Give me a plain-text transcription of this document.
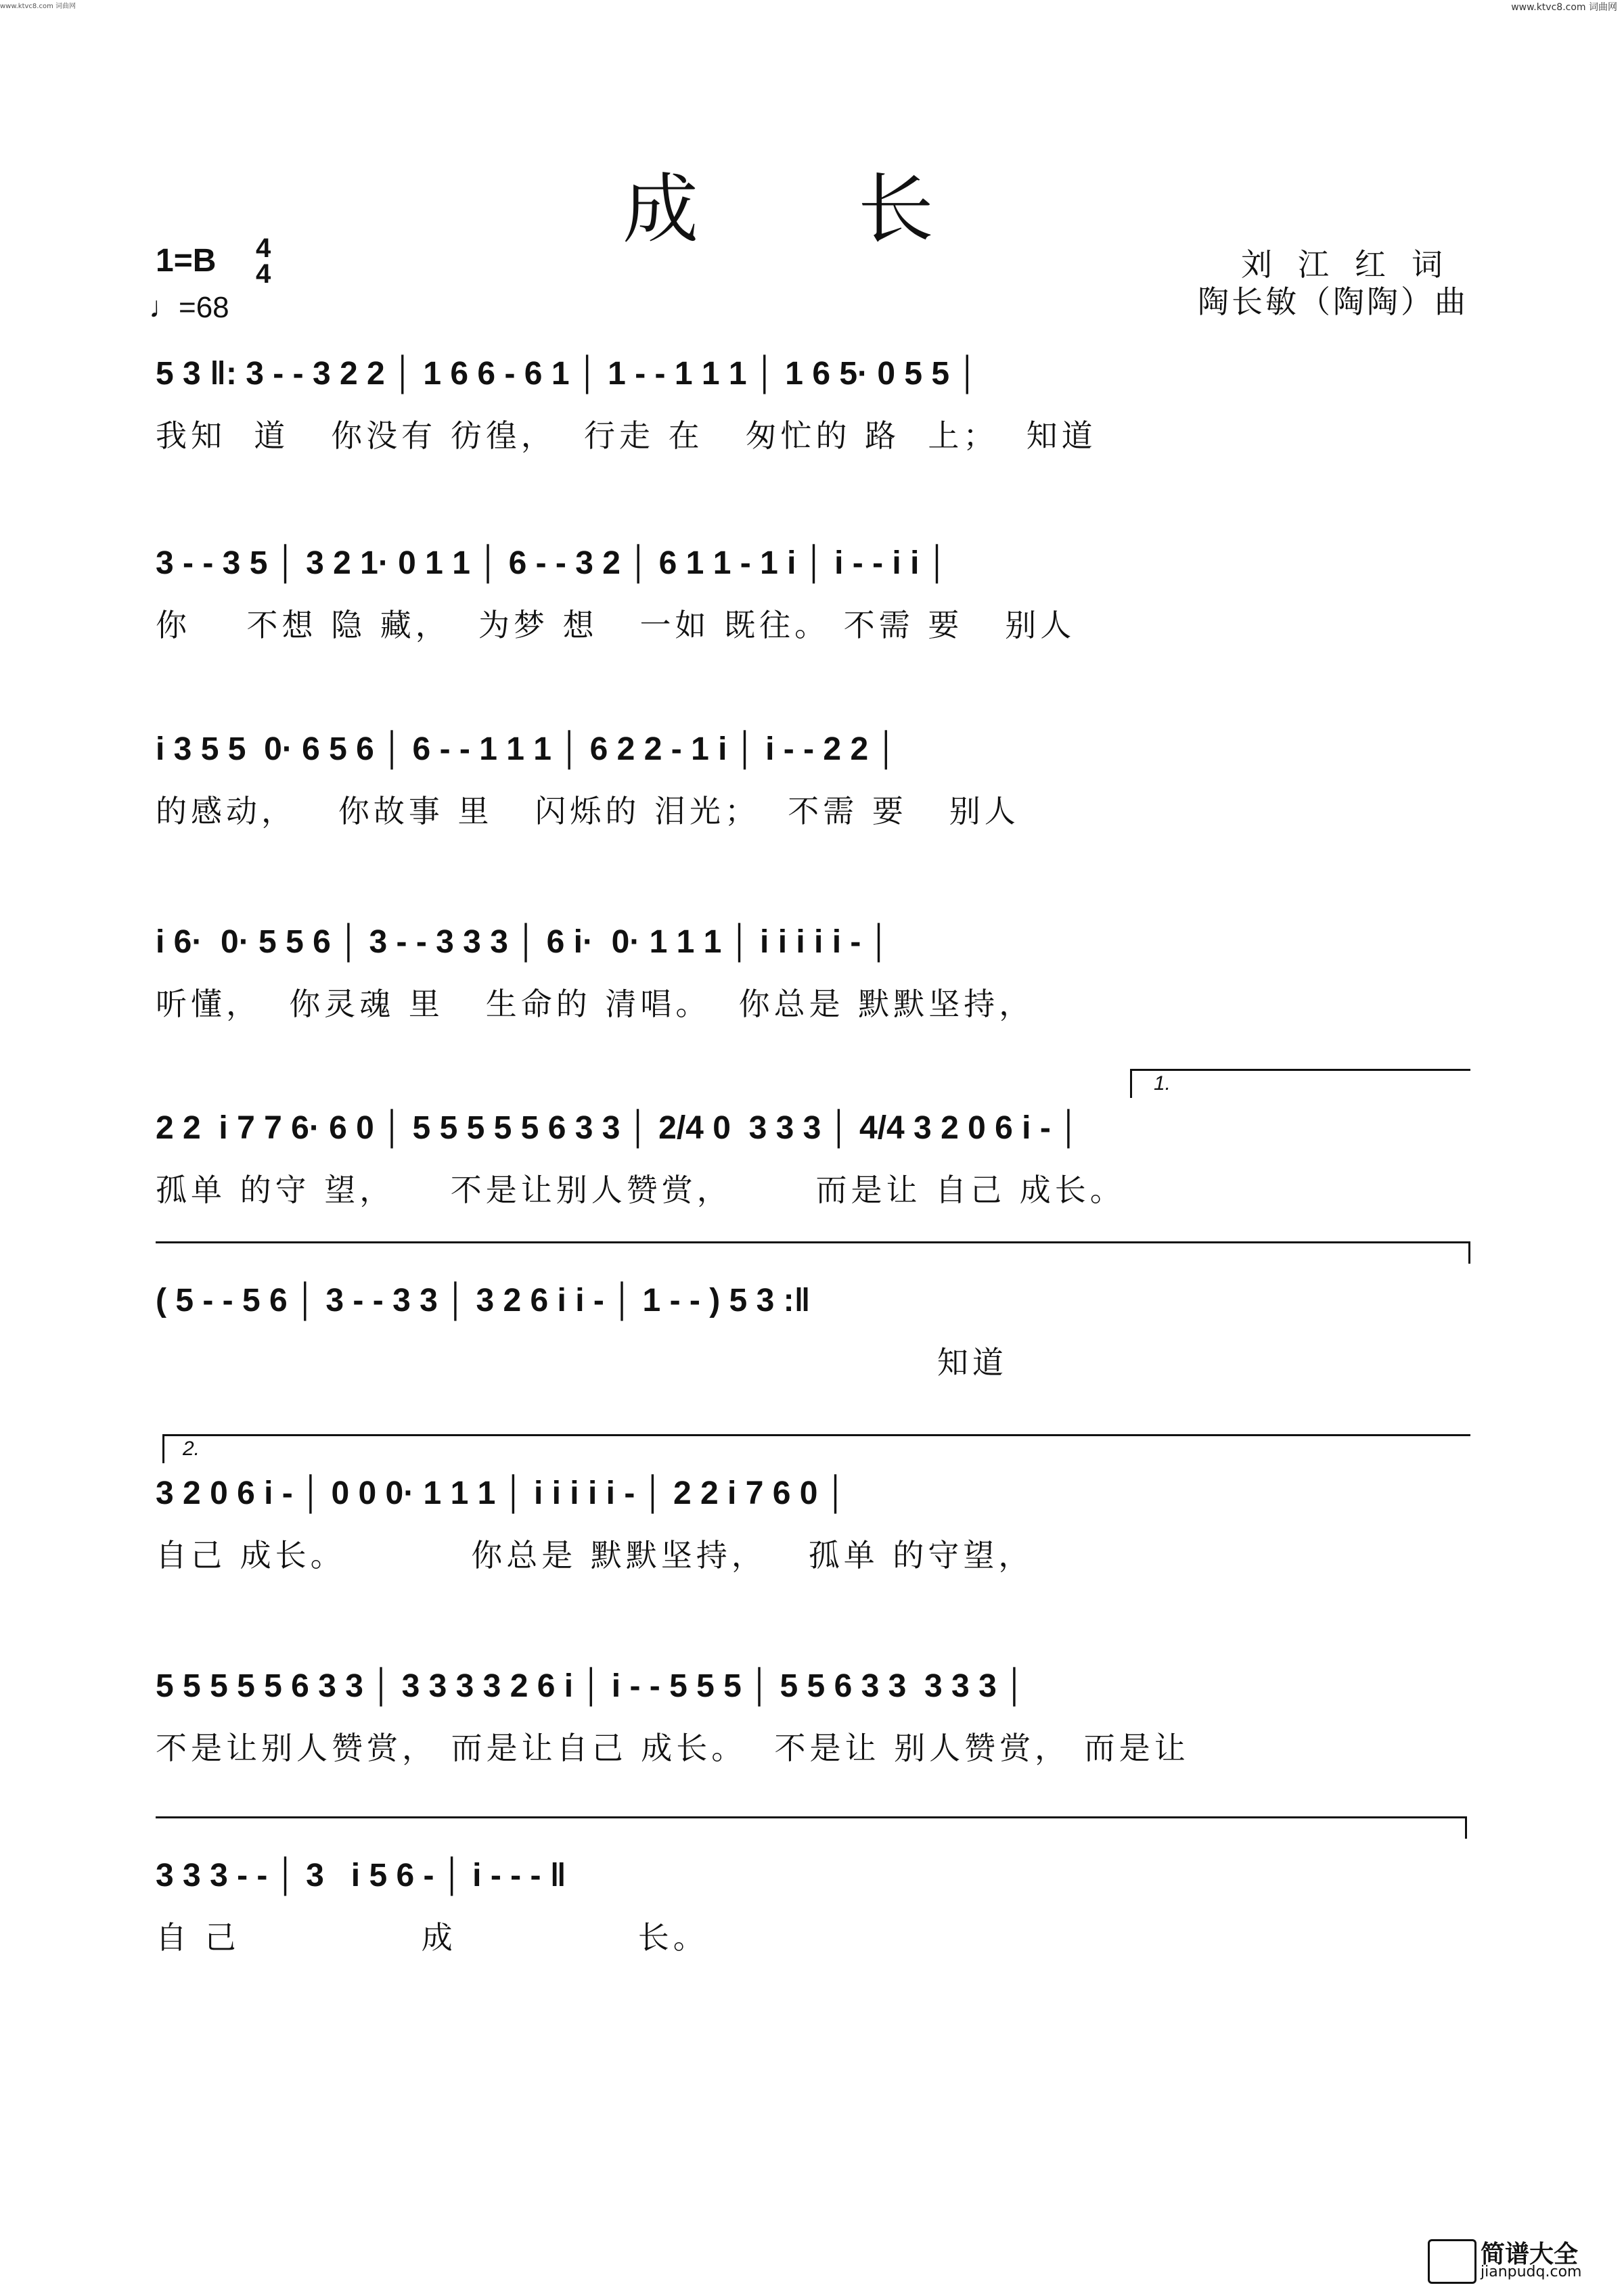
www.ktvc8.com 词曲网	www.ktvc8.com 词曲网
成 长
1=B 4
4
♩=68
刘江红词
陶长敏（陶陶）曲
5 3 ‖: 3 - - 3 2 2 │ 1 6 6 - 6 1 │ 1 - - 1 1 1 │ 1 6 5· 0 5 5 │
我知  道   你没有 彷徨，  行走 在   匆忙的 路  上；  知道
3 - - 3 5 │ 3 2 1· 0 1 1 │ 6 - - 3 2 │ 6 1 1 - 1 i │ i - - i i │
你    不想 隐 藏，  为梦 想   一如 既往。 不需 要   别人
i 3 5 5  0· 6 5 6 │ 6 - - 1 1 1 │ 6 2 2 - 1 i │ i - - 2 2 │
的感动，   你故事 里   闪烁的 泪光；  不需 要   别人
i 6·  0· 5 5 6 │ 3 - - 3 3 3 │ 6 i·  0· 1 1 1 │ i i i i i - │
听懂，  你灵魂 里   生命的 清唱。  你总是 默默坚持，
1.
2 2  i 7 7 6· 6 0 │ 5 5 5 5 5 6 3 3 │ 2/4 0  3 3 3 │ 4/4 3 2 0 6 i - │
孤单 的守 望，    不是让别人赞赏，      而是让 自己 成长。
( 5 - - 5 6 │ 3 - - 3 3 │ 3 2 6 i i - │ 1 - - ) 5 3 :‖
知道
2.
3 2 0 6 i - │ 0 0 0· 1 1 1 │ i i i i i - │ 2 2 i 7 6 0 │
自己 成长。         你总是 默默坚持，   孤单 的守望，
5 5 5 5 5 6 3 3 │ 3 3 3 3 2 6 i │ i - - 5 5 5 │ 5 5 6 3 3  3 3 3 │
不是让别人赞赏， 而是让自己 成长。  不是让 别人赞赏， 而是让
3 3 3 - - │ 3   i 5 6 - │ i - - - ‖
自 己             成             长。
简谱大全
jianpudq.com
